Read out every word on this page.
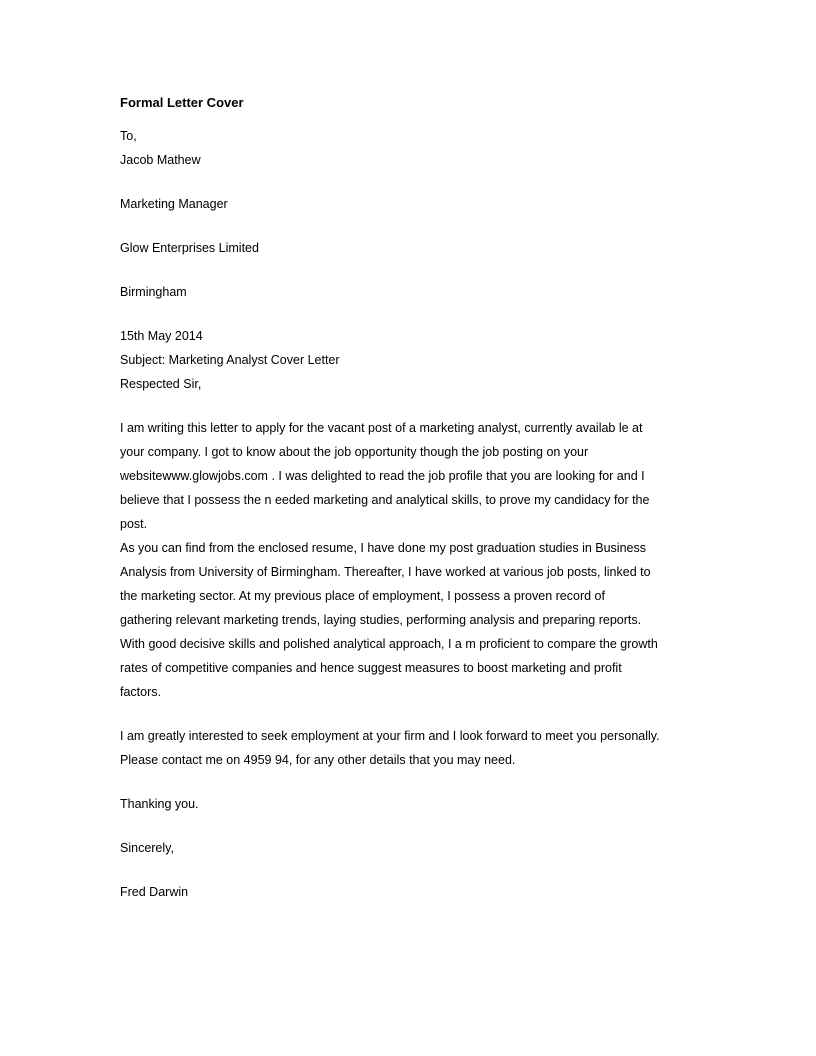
Formal Letter Cover
To,
Jacob Mathew
Marketing Manager
Glow Enterprises Limited
Birmingham
15th May 2014
Subject: Marketing Analyst Cover Letter
Respected Sir,
I am writing this letter to apply for the vacant post of a marketing analyst, currently availab le at
your company. I got to know about the job opportunity though the job posting on your
websitewww.glowjobs.com . I was delighted to read the job profile that you are looking for and I
believe that I possess the n eeded marketing and analytical skills, to prove my candidacy for the
post.
As you can find from the enclosed resume, I have done my post graduation studies in Business
Analysis from University of Birmingham. Thereafter, I have worked at various job posts, linked to
the marketing sector. At my previous place of employment, I possess a proven record of
gathering relevant marketing trends, laying studies, performing analysis and preparing reports.
With good decisive skills and polished analytical approach, I a m proficient to compare the growth
rates of competitive companies and hence suggest measures to boost marketing and profit
factors.
I am greatly interested to seek employment at your firm and I look forward to meet you personally.
Please contact me on 4959 94, for any other details that you may need.
Thanking you.
Sincerely,
Fred Darwin
